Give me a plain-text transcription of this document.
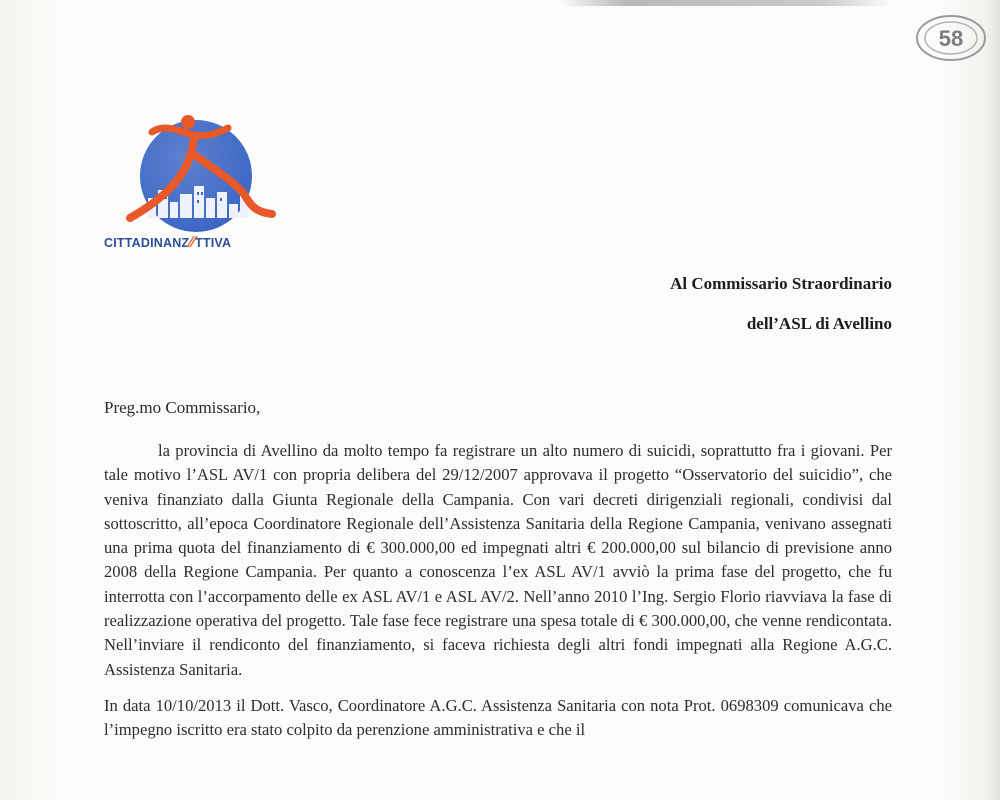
58
CITTADINANZ∕∕TTIVA
Al Commissario Straordinario
dell’ASL di Avellino
Preg.mo Commissario,

la provincia di Avellino da molto tempo fa registrare un alto numero di suicidi, soprattutto fra i giovani. Per tale motivo l’ASL AV/1 con propria delibera del 29/12/2007 approvava il progetto “Osservatorio del suicidio”, che veniva finanziato dalla Giunta Regionale della Campania. Con vari decreti dirigenziali regionali, condivisi dal sottoscritto, all’epoca Coordinatore Regionale dell’Assistenza Sanitaria della Regione Campania, venivano assegnati una prima quota del finanziamento di € 300.000,00 ed impegnati altri € 200.000,00 sul bilancio di previsione anno 2008 della Regione Campania. Per quanto a conoscenza l’ex ASL AV/1 avviò la prima fase del progetto, che fu interrotta con l’accorpamento delle ex ASL AV/1 e ASL AV/2. Nell’anno 2010 l’Ing. Sergio Florio riavviava la fase di realizzazione operativa del progetto. Tale fase fece registrare una spesa totale di € 300.000,00, che venne rendicontata. Nell’inviare il rendiconto del finanziamento, si faceva richiesta degli altri fondi impegnati alla Regione A.G.C. Assistenza Sanitaria.

In data 10/10/2013 il Dott. Vasco, Coordinatore A.G.C. Assistenza Sanitaria con nota Prot. 0698309 comunicava che l’impegno iscritto era stato colpito da perenzione amministrativa e che il
